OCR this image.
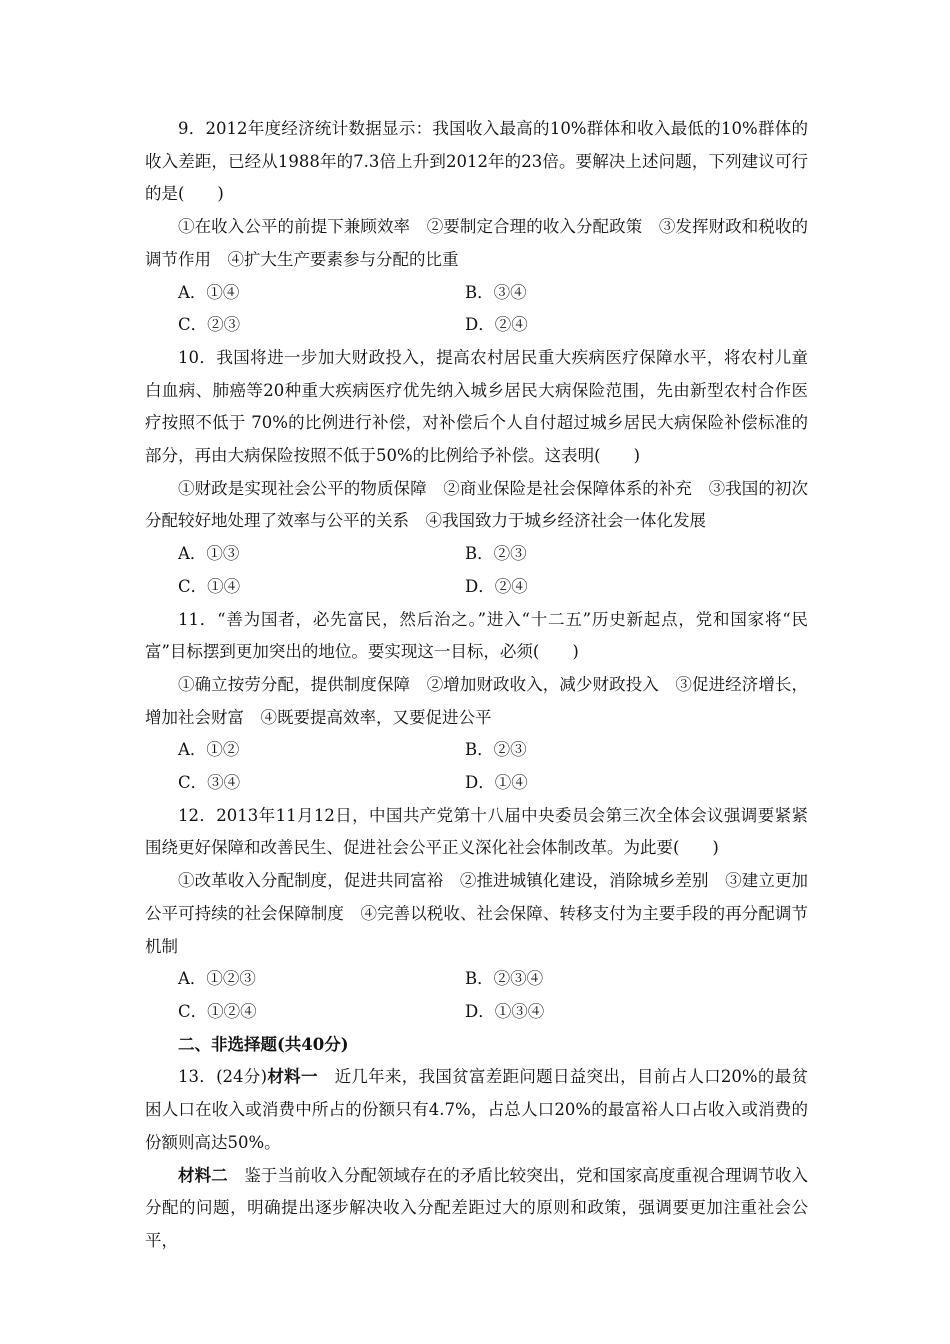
9．2012年度经济统计数据显示：我国收入最高的10%群体和收入最低的10%群体的收入差距，已经从1988年的7.3倍上升到2012年的23倍。要解决上述问题，下列建议可行的是(　　)

①在收入公平的前提下兼顾效率　②要制定合理的收入分配政策　③发挥财政和税收的调节作用　④扩大生产要素参与分配的比重

A．①④	B．③④
C．②③	D．②④

10．我国将进一步加大财政投入，提高农村居民重大疾病医疗保障水平，将农村儿童白血病、肺癌等20种重大疾病医疗优先纳入城乡居民大病保险范围，先由新型农村合作医疗按照不低于 70%的比例进行补偿，对补偿后个人自付超过城乡居民大病保险补偿标准的部分，再由大病保险按照不低于50%的比例给予补偿。这表明(　　)

①财政是实现社会公平的物质保障　②商业保险是社会保障体系的补充　③我国的初次分配较好地处理了效率与公平的关系　④我国致力于城乡经济社会一体化发展

A．①③	B．②③
C．①④	D．②④

11．“善为国者，必先富民，然后治之。”进入“十二五”历史新起点，党和国家将“民富”目标摆到更加突出的地位。要实现这一目标，必须(　　)

①确立按劳分配，提供制度保障　②增加财政收入，减少财政投入　③促进经济增长，增加社会财富　④既要提高效率，又要促进公平

A．①②	B．②③
C．③④	D．①④

12．2013年11月12日，中国共产党第十八届中央委员会第三次全体会议强调要紧紧围绕更好保障和改善民生、促进社会公平正义深化社会体制改革。为此要(　　)

①改革收入分配制度，促进共同富裕　②推进城镇化建设，消除城乡差别　③建立更加公平可持续的社会保障制度　④完善以税收、社会保障、转移支付为主要手段的再分配调节机制

A．①②③	B．②③④
C．①②④	D．①③④

二、非选择题(共40分)

13．(24分)材料一　近几年来，我国贫富差距问题日益突出，目前占人口20%的最贫困人口在收入或消费中所占的份额只有4.7%，占总人口20%的最富裕人口占收入或消费的份额则高达50%。

材料二　鉴于当前收入分配领域存在的矛盾比较突出，党和国家高度重视合理调节收入分配的问题，明确提出逐步解决收入分配差距过大的原则和政策，强调要更加注重社会公平，
